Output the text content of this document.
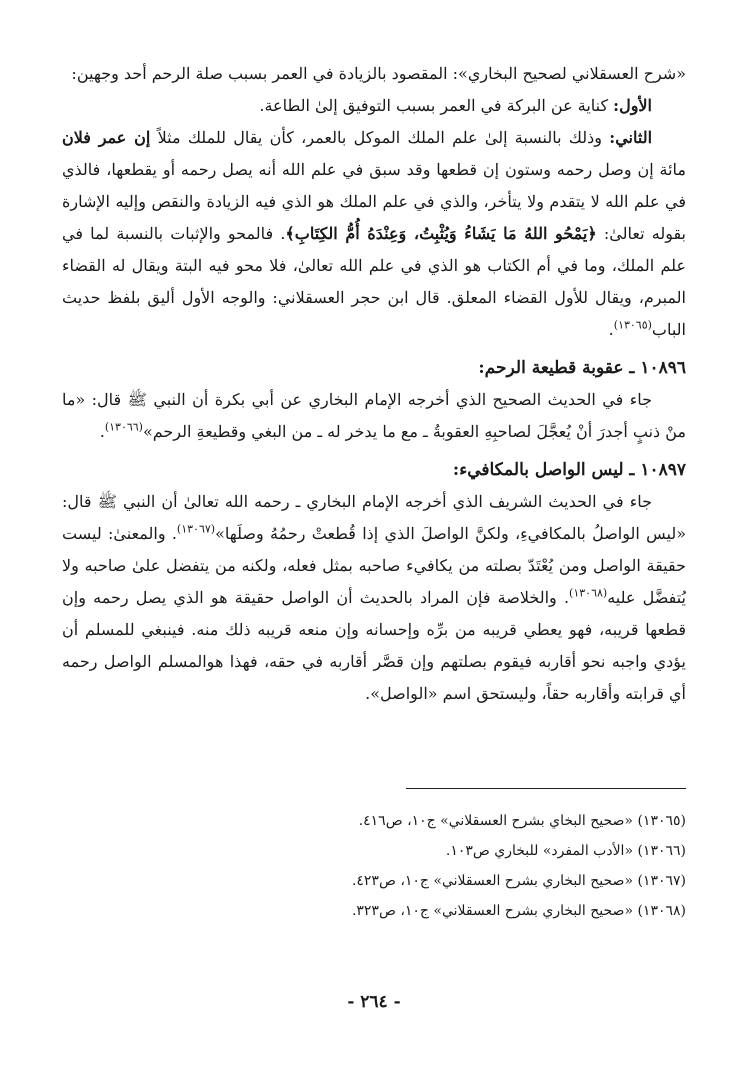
«شرح العسقلاني لصحيح البخاري»: المقصود بالزيادة في العمر بسبب صلة الرحم أحد وجهين:

الأول: كناية عن البركة في العمر بسبب التوفيق إلىٰ الطاعة.

الثاني: وذلك بالنسبة إلىٰ علم الملك الموكل بالعمر، كأن يقال للملك مثلاً إن عمر فلان مائة إن وصل رحمه وستون إن قطعها وقد سبق في علم الله أنه يصل رحمه أو يقطعها، فالذي في علم الله لا يتقدم ولا يتأخر، والذي في علم الملك هو الذي فيه الزيادة والنقص وإليه الإشارة بقوله تعالىٰ: ﴿يَمْحُو اللهُ مَا يَشَاءُ وَيُثْبِتُ، وَعِنْدَهُ أُمُّ الكِتَابِ﴾. فالمحو والإثبات بالنسبة لما في علم الملك، وما في أم الكتاب هو الذي في علم الله تعالىٰ، فلا محو فيه البتة ويقال له القضاء المبرم، ويقال للأول القضاء المعلق. قال ابن حجر العسقلاني: والوجه الأول أليق بلفظ حديث الباب$^{(١٣٠٦٥)}$.

١٠٨٩٦ ـ عقوبة قطيعة الرحم:

جاء في الحديث الصحيح الذي أخرجه الإمام البخاري عن أبي بكرة أن النبي ﷺ قال: «ما منْ ذنبٍ أجدرَ أنْ يُعجَّلَ لصاحبِهِ العقوبةُ ـ مع ما يدخر له ـ من البغي وقطيعةِ الرحم»$^{(١٣٠٦٦)}$.

١٠٨٩٧ ـ ليس الواصل بالمكافيء:

جاء في الحديث الشريف الذي أخرجه الإمام البخاري ـ رحمه الله تعالىٰ أن النبي ﷺ قال: «ليس الواصلُ بالمكافيءِ، ولكنَّ الواصلَ الذي إذا قُطعتْ رحمُهُ وصلَها»$^{(١٣٠٦٧)}$. والمعنىٰ: ليست حقيقة الواصل ومن يُعْتَدّ بصلته من يكافيء صاحبه بمثل فعله، ولكنه من يتفضل علىٰ صاحبه ولا يُتفضَّل عليه$^{(١٣٠٦٨)}$. والخلاصة فإن المراد بالحديث أن الواصل حقيقة هو الذي يصل رحمه وإن قطعها قريبه، فهو يعطي قريبه من برِّه وإحسانه وإن منعه قريبه ذلك منه. فينبغي للمسلم أن يؤدي واجبه نحو أقاربه فيقوم بصلتهم وإن قصَّر أقاربه في حقه، فهذا هوالمسلم الواصل رحمه أي قرابته وأقاربه حقاً، وليستحق اسم «الواصل».

(١٣٠٦٥) «صحيح البخاي بشرح العسقلاني» ج١٠، ص٤١٦.
(١٣٠٦٦) «الأدب المفرد» للبخاري ص١٠٣.
(١٣٠٦٧) «صحيح البخاري بشرح العسقلاني» ج١٠، ص٤٢٣.
(١٣٠٦٨) «صحيح البخاري بشرح العسقلاني» ج١٠، ص٣٢٣.
- ٢٦٤ -
